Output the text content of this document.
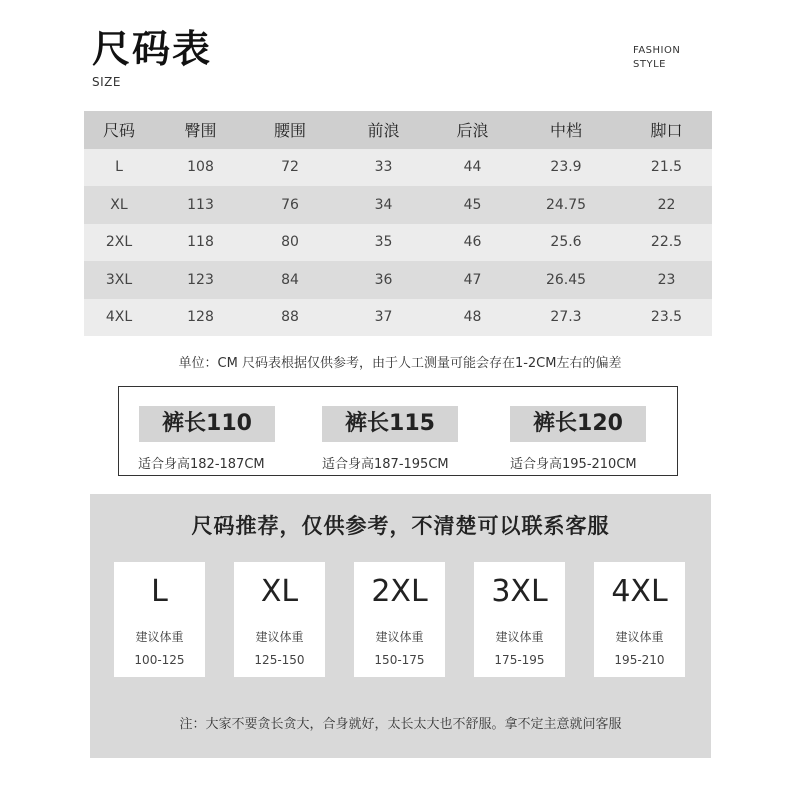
尺码表
SIZE
FASHION
STYLE
尺码	臀围	腰围	前浪	后浪	中档	脚口
L	108	72	33	44	23.9	21.5
XL	113	76	34	45	24.75	22
2XL	118	80	35	46	25.6	22.5
3XL	123	84	36	47	26.45	23
4XL	128	88	37	48	27.3	23.5
单位：CM 尺码表根据仅供参考，由于人工测量可能会存在1-2CM左右的偏差
裤长110
适合身高182-187CM
裤长115
适合身高187-195CM
裤长120
适合身高195-210CM
尺码推荐，仅供参考，不清楚可以联系客服
L
建议体重
100-125
XL
建议体重
125-150
2XL
建议体重
150-175
3XL
建议体重
175-195
4XL
建议体重
195-210
注：大家不要贪长贪大，合身就好，太长太大也不舒服。拿不定主意就问客服
